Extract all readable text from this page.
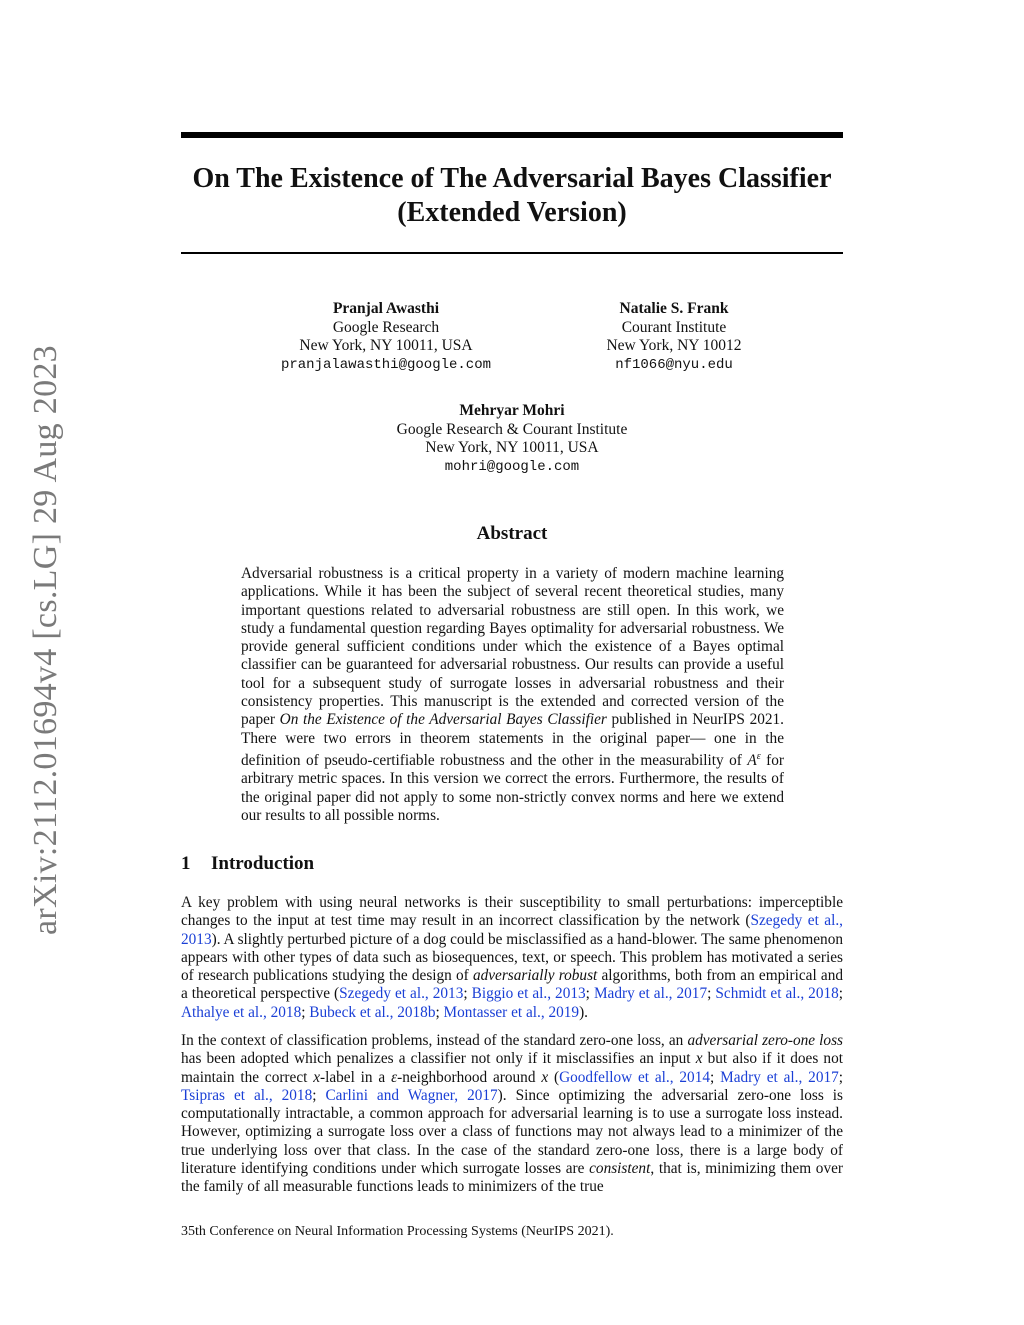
arXiv:2112.01694v4 [cs.LG] 29 Aug 2023
On The Existence of The Adversarial Bayes Classifier
(Extended Version)
Pranjal Awasthi
Google Research
New York, NY 10011, USA
pranjalawasthi@google.com
Natalie S. Frank
Courant Institute
New York, NY 10012
nf1066@nyu.edu
Mehryar Mohri
Google Research & Courant Institute
New York, NY 10011, USA
mohri@google.com
Abstract
Adversarial robustness is a critical property in a variety of modern machine learning applications. While it has been the subject of several recent theoretical studies, many important questions related to adversarial robustness are still open. In this work, we study a fundamental question regarding Bayes optimality for adversarial robustness. We provide general sufficient conditions under which the existence of a Bayes optimal classifier can be guaranteed for adversarial robustness. Our results can provide a useful tool for a subsequent study of surrogate losses in adversarial robustness and their consistency properties. This manuscript is the extended and corrected version of the paper On the Existence of the Adversarial Bayes Classifier published in NeurIPS 2021. There were two errors in theorem statements in the original paper— one in the definition of pseudo-certifiable robustness and the other in the measurability of $A^\varepsilon$ for arbitrary metric spaces. In this version we correct the errors. Furthermore, the results of the original paper did not apply to some non-strictly convex norms and here we extend our results to all possible norms.
1 Introduction
A key problem with using neural networks is their susceptibility to small perturbations: imperceptible changes to the input at test time may result in an incorrect classification by the network (Szegedy et al., 2013). A slightly perturbed picture of a dog could be misclassified as a hand-blower. The same phenomenon appears with other types of data such as biosequences, text, or speech. This problem has motivated a series of research publications studying the design of adversarially robust algorithms, both from an empirical and a theoretical perspective (Szegedy et al., 2013; Biggio et al., 2013; Madry et al., 2017; Schmidt et al., 2018; Athalye et al., 2018; Bubeck et al., 2018b; Montasser et al., 2019).
In the context of classification problems, instead of the standard zero-one loss, an adversarial zero-one loss has been adopted which penalizes a classifier not only if it misclassifies an input x but also if it does not maintain the correct x-label in a ε-neighborhood around x (Goodfellow et al., 2014; Madry et al., 2017; Tsipras et al., 2018; Carlini and Wagner, 2017). Since optimizing the adversarial zero-one loss is computationally intractable, a common approach for adversarial learning is to use a surrogate loss instead. However, optimizing a surrogate loss over a class of functions may not always lead to a minimizer of the true underlying loss over that class. In the case of the standard zero-one loss, there is a large body of literature identifying conditions under which surrogate losses are consistent, that is, minimizing them over the family of all measurable functions leads to minimizers of the true
35th Conference on Neural Information Processing Systems (NeurIPS 2021).
